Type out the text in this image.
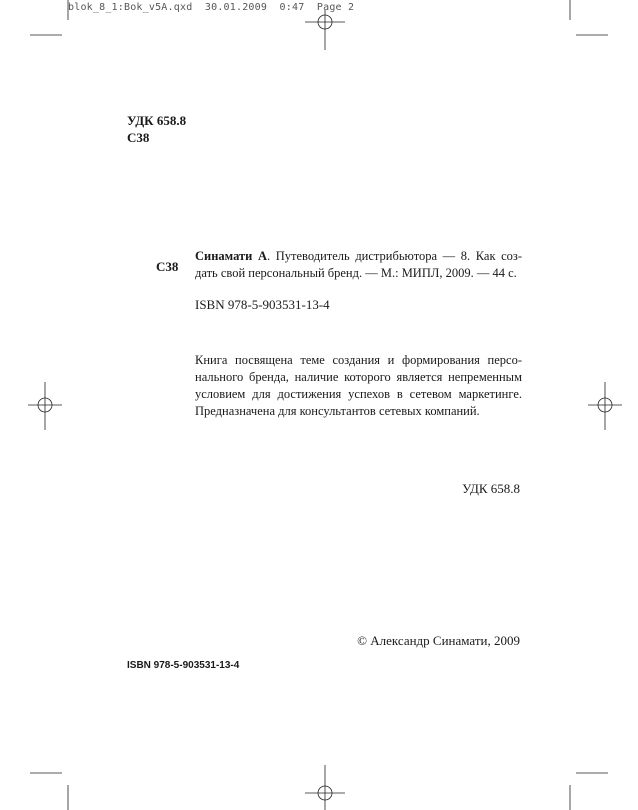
blok_8_1:Bok_v5A.qxd 30.01.2009 0:47 Page 2
УДК 658.8
С38
С38
Синамати А. Путеводитель дистрибьютора — 8. Как соз-
дать свой персональный бренд. — М.: МИПЛ, 2009. — 44 с.
ISBN 978-5-903531-13-4
Книга посвящена теме создания и формирования персо-
нального бренда, наличие которого является непременным
условием для достижения успехов в сетевом маркетинге.
Предназначена для консультантов сетевых компаний.
УДК 658.8
© Александр Синамати, 2009
ISBN 978-5-903531-13-4
